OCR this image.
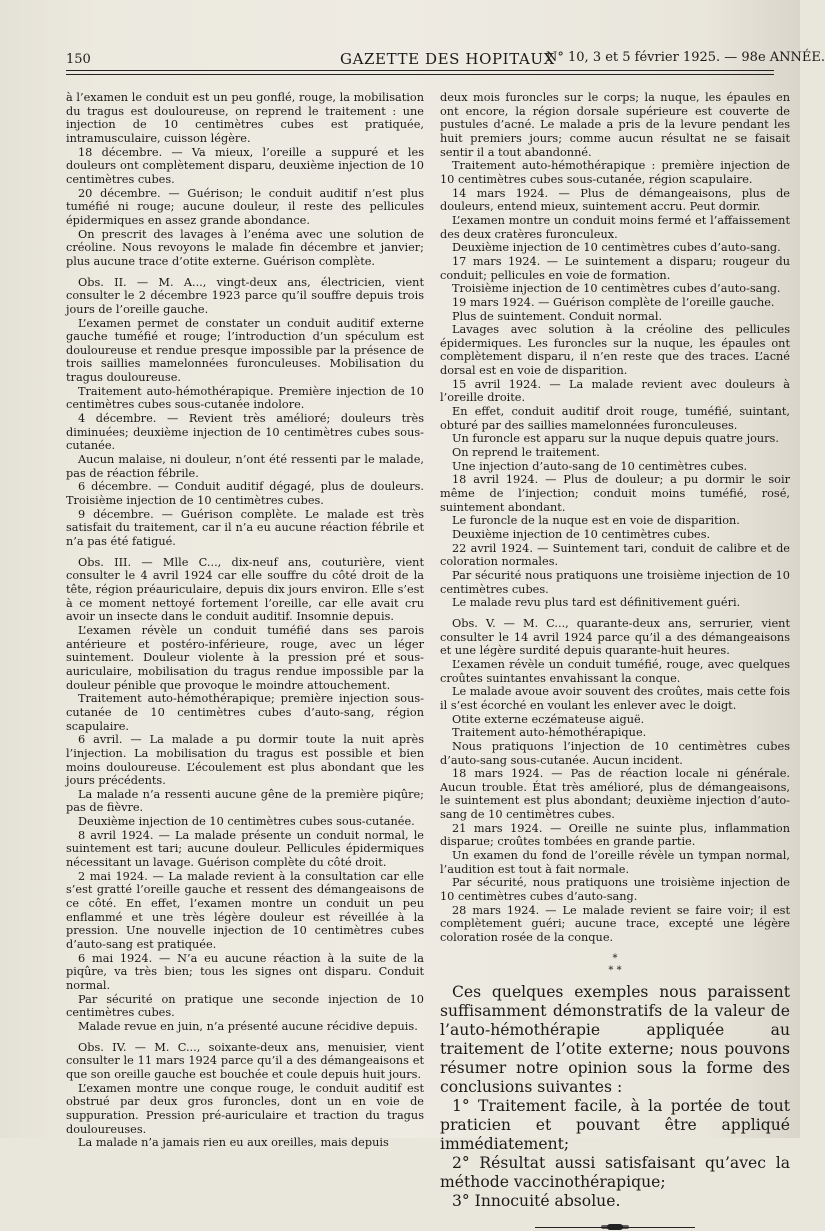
150	GAZETTE DES HOPITAUX
N° 10, 3 et 5 février 1925. — 98e ANNÉE.

à l’examen le conduit est un peu gonflé, rouge, la mobilisation du tragus est douloureuse, on reprend le traitement : une injection de 10 centimètres cubes est pratiquée, intramusculaire, cuisson légère.

18 décembre. — Va mieux, l’oreille a suppuré et les douleurs ont complètement disparu, deuxième injection de 10 centimètres cubes.

20 décembre. — Guérison; le conduit auditif n’est plus tuméfié ni rouge; aucune douleur, il reste des pellicules épidermiques en assez grande abondance.

On prescrit des lavages à l’enéma avec une solution de créoline. Nous revoyons le malade fin décembre et janvier; plus aucune trace d’otite externe. Guérison complète.

Obs. II. — M. A..., vingt-deux ans, électricien, vient consulter le 2 décembre 1923 parce qu’il souffre depuis trois jours de l’oreille gauche.

L’examen permet de constater un conduit auditif externe gauche tuméfié et rouge; l’introduction d’un spéculum est douloureuse et rendue presque impossible par la présence de trois saillies mamelonnées furonculeuses. Mobilisation du tragus douloureuse.

Traitement auto-hémothérapique. Première injection de 10 centimètres cubes sous-cutanée indolore.

4 décembre. — Revient très amélioré; douleurs très diminuées; deuxième injection de 10 centimètres cubes sous-cutanée.

Aucun malaise, ni douleur, n’ont été ressenti par le malade, pas de réaction fébrile.

6 décembre. — Conduit auditif dégagé, plus de douleurs. Troisième injection de 10 centimètres cubes.

9 décembre. — Guérison complète. Le malade est très satisfait du traitement, car il n’a eu aucune réaction fébrile et n’a pas été fatigué.

Obs. III. — Mlle C..., dix-neuf ans, couturière, vient consulter le 4 avril 1924 car elle souffre du côté droit de la tête, région préauriculaire, depuis dix jours environ. Elle s’est à ce moment nettoyé fortement l’oreille, car elle avait cru avoir un insecte dans le conduit auditif. Insomnie depuis.

L’examen révèle un conduit tuméfié dans ses parois antérieure et postéro-inférieure, rouge, avec un léger suintement. Douleur violente à la pression pré et sous-auriculaire, mobilisation du tragus rendue impossible par la douleur pénible que provoque le moindre attouchement.

Traitement auto-hémothérapique; première injection sous-cutanée de 10 centimètres cubes d’auto-sang, région scapulaire.

6 avril. — La malade a pu dormir toute la nuit après l’injection. La mobilisation du tragus est possible et bien moins douloureuse. L’écoulement est plus abondant que les jours précédents.

La malade n’a ressenti aucune gêne de la première piqûre; pas de fièvre.

Deuxième injection de 10 centimètres cubes sous-cutanée.

8 avril 1924. — La malade présente un conduit normal, le suintement est tari; aucune douleur. Pellicules épidermiques nécessitant un lavage. Guérison complète du côté droit.

2 mai 1924. — La malade revient à la consultation car elle s’est gratté l’oreille gauche et ressent des démangeaisons de ce côté. En effet, l’examen montre un conduit un peu enflammé et une très légère douleur est réveillée à la pression. Une nouvelle injection de 10 centimètres cubes d’auto-sang est pratiquée.

6 mai 1924. — N’a eu aucune réaction à la suite de la piqûre, va très bien; tous les signes ont disparu. Conduit normal.

Par sécurité on pratique une seconde injection de 10 centimètres cubes.

Malade revue en juin, n’a présenté aucune récidive depuis.

Obs. IV. — M. C..., soixante-deux ans, menuisier, vient consulter le 11 mars 1924 parce qu’il a des démangeaisons et que son oreille gauche est bouchée et coule depuis huit jours.

L’examen montre une conque rouge, le conduit auditif est obstrué par deux gros furoncles, dont un en voie de suppuration. Pression pré-auriculaire et traction du tragus douloureuses.

La malade n’a jamais rien eu aux oreilles, mais depuis

deux mois furoncles sur le corps; la nuque, les épaules en ont encore, la région dorsale supérieure est couverte de pustules d’acné. Le malade a pris de la levure pendant les huit premiers jours; comme aucun résultat ne se faisait sentir il a tout abandonné.

Traitement auto-hémothérapique : première injection de 10 centimètres cubes sous-cutanée, région scapulaire.

14 mars 1924. — Plus de démangeaisons, plus de douleurs, entend mieux, suintement accru. Peut dormir.

L’examen montre un conduit moins fermé et l’affaissement des deux cratères furonculeux.

Deuxième injection de 10 centimètres cubes d’auto-sang.

17 mars 1924. — Le suintement a disparu; rougeur du conduit; pellicules en voie de formation.

Troisième injection de 10 centimètres cubes d’auto-sang.

19 mars 1924. — Guérison complète de l’oreille gauche.

Plus de suintement. Conduit normal.

Lavages avec solution à la créoline des pellicules épidermiques. Les furoncles sur la nuque, les épaules ont complètement disparu, il n’en reste que des traces. L’acné dorsal est en voie de disparition.

15 avril 1924. — La malade revient avec douleurs à l’oreille droite.

En effet, conduit auditif droit rouge, tuméfié, suintant, obturé par des saillies mamelonnées furonculeuses.

Un furoncle est apparu sur la nuque depuis quatre jours.

On reprend le traitement.

Une injection d’auto-sang de 10 centimètres cubes.

18 avril 1924. — Plus de douleur; a pu dormir le soir même de l’injection; conduit moins tuméfié, rosé, suintement abondant.

Le furoncle de la nuque est en voie de disparition.

Deuxième injection de 10 centimètres cubes.

22 avril 1924. — Suintement tari, conduit de calibre et de coloration normales.

Par sécurité nous pratiquons une troisième injection de 10 centimètres cubes.

Le malade revu plus tard est définitivement guéri.

Obs. V. — M. C..., quarante-deux ans, serrurier, vient consulter le 14 avril 1924 parce qu’il a des démangeaisons et une légère surdité depuis quarante-huit heures.

L’examen révèle un conduit tuméfié, rouge, avec quelques croûtes suintantes envahissant la conque.

Le malade avoue avoir souvent des croûtes, mais cette fois il s’est écorché en voulant les enlever avec le doigt.

Otite externe eczémateuse aiguë.

Traitement auto-hémothérapique.

Nous pratiquons l’injection de 10 centimètres cubes d’auto-sang sous-cutanée. Aucun incident.

18 mars 1924. — Pas de réaction locale ni générale. Aucun trouble. État très amélioré, plus de démangeaisons, le suintement est plus abondant; deuxième injection d’auto-sang de 10 centimètres cubes.

21 mars 1924. — Oreille ne suinte plus, inflammation disparue; croûtes tombées en grande partie.

Un examen du fond de l’oreille révèle un tympan normal, l’audition est tout à fait normale.

Par sécurité, nous pratiquons une troisième injection de 10 centimètres cubes d’auto-sang.

28 mars 1924. — Le malade revient se faire voir; il est complètement guéri; aucune trace, excepté une légère coloration rosée de la conque.

*
* *

Ces quelques exemples nous paraissent suffisamment démonstratifs de la valeur de l’auto-hémothérapie appliquée au traitement de l’otite externe; nous pouvons résumer notre opinion sous la forme des conclusions suivantes :

1° Traitement facile, à la portée de tout praticien et pouvant être appliqué immédiatement;

2° Résultat aussi satisfaisant qu’avec la méthode vaccinothérapique;

3° Innocuité absolue.
